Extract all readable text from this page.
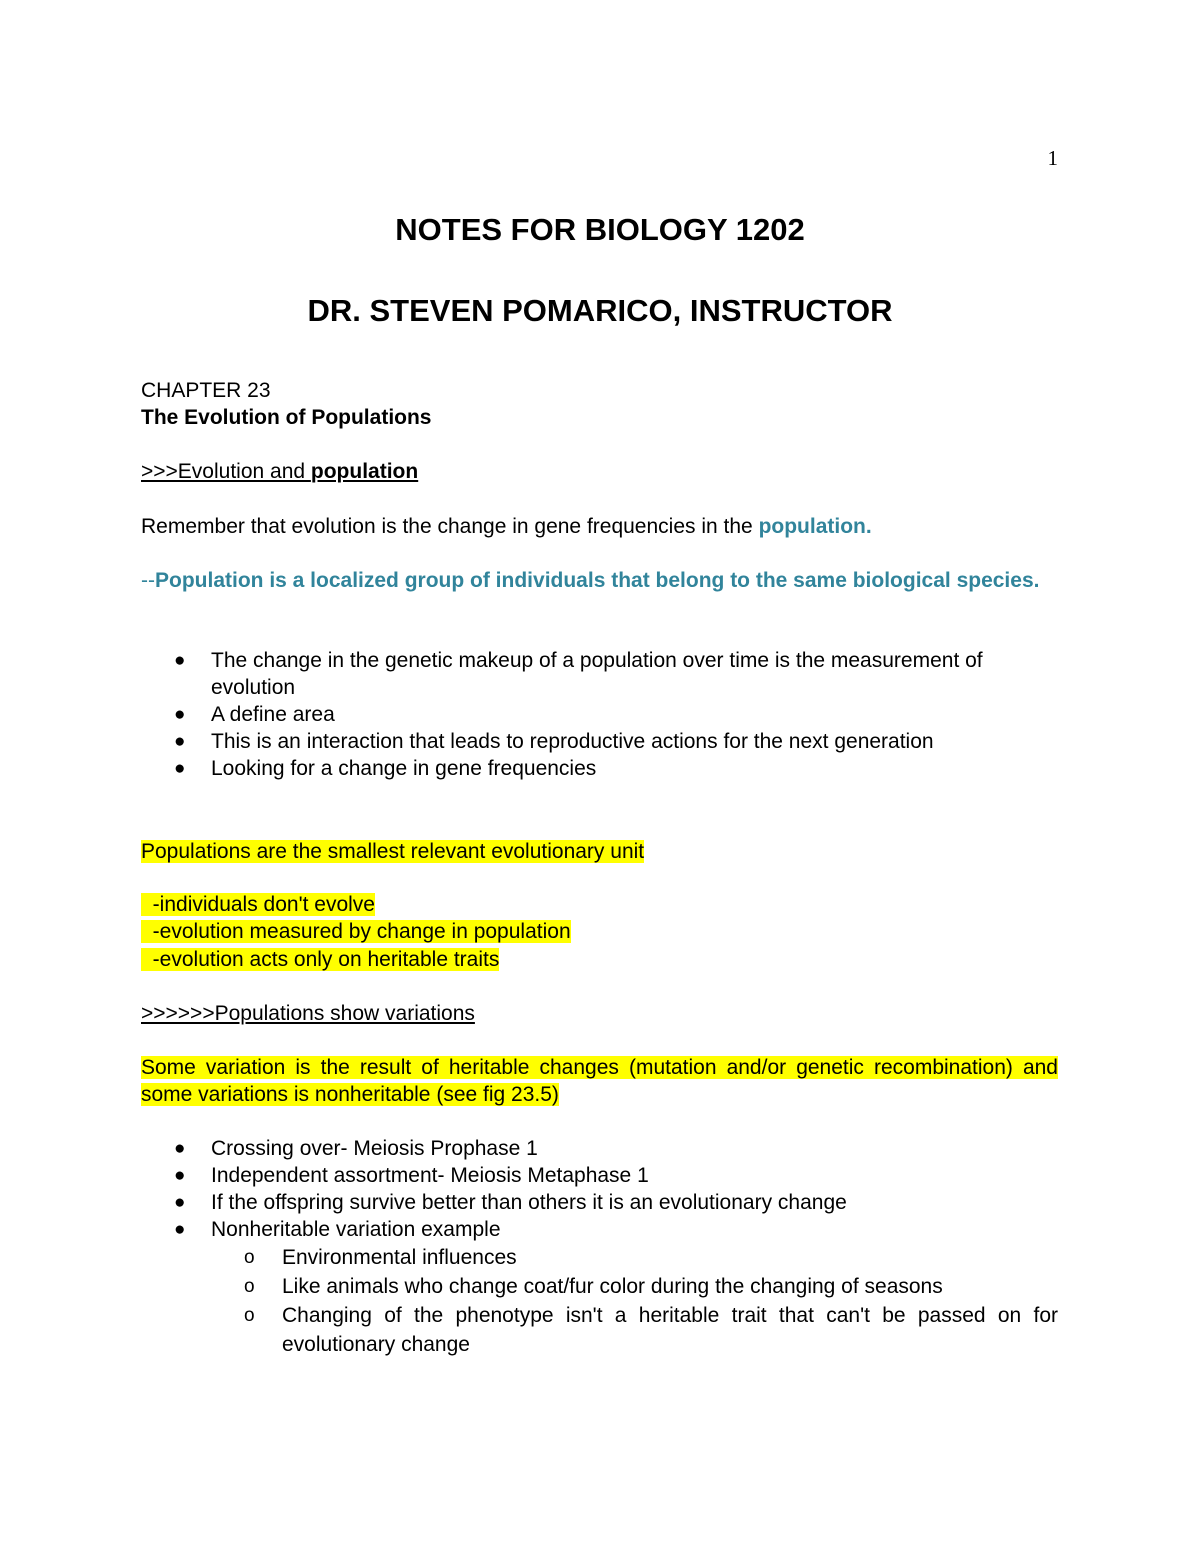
1
NOTES FOR BIOLOGY 1202
DR. STEVEN POMARICO, INSTRUCTOR

CHAPTER 23

The Evolution of Populations

>>>Evolution and population

Remember that evolution is the change in gene frequencies in the population.

--Population is a localized group of individuals that belong to the same biological species.

● The change in the genetic makeup of a population over time is the measurement of evolution
● A define area
● This is an interaction that leads to reproductive actions for the next generation
● Looking for a change in gene frequencies

Populations are the smallest relevant evolutionary unit

-individuals don't evolve

-evolution measured by change in population

-evolution acts only on heritable traits

>>>>>>Populations show variations

Some variation is the result of heritable changes (mutation and/or genetic recombination) and some variations is nonheritable (see fig 23.5)

● Crossing over- Meiosis Prophase 1
● Independent assortment- Meiosis Metaphase 1
● If the offspring survive better than others it is an evolutionary change
● Nonheritable variation example
o Environmental influences
o Like animals who change coat/fur color during the changing of seasons
o Changing of the phenotype isn't a heritable trait that can't be passed on for evolutionary change
